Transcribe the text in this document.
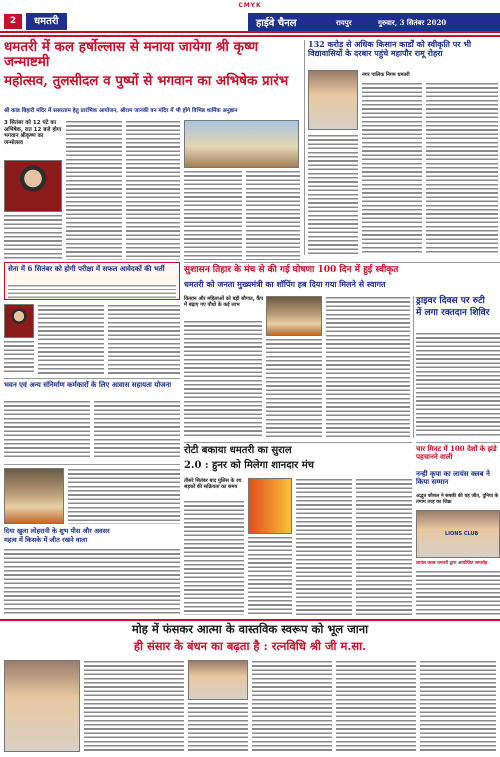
CMYK
2	धमतरी	हाईवे चैनल	रायपुर	गुरुवार, 3 सितंबर 2020
धमतरी में कल हर्षोल्लास से मनाया जायेगा श्री कृष्ण जन्माष्टमी
महोत्सव, तुलसीदल व पुष्पों से भगवान का अभिषेक प्रारंभ
श्री कांड बिहारी मंदिर में ससरताम हेतु प्रारंभिक आयोजन, श्रीराम जानकी वन मंदिर में भी होंगे विभिन्न धार्मिक अनुष्ठान
3 सितंबर को 12 घंटे का अभिषेक, रात 12 बजे होगा भगवान श्रीकृष्ण का जन्मोत्सव
132 करोड़ से अधिक किसान कार्डों को स्वीकृति पर भी विद्यावासियों के दरबार पहुंचे महापौर रामू रोहरा
नगर पालिक निगम धमतरी
सेना में 6 सितंबर को होगी परीक्षा में सफल आवेदकों की भर्ती
भवन एवं अन्य संनिर्माण कर्मकारों के लिए आवास सहायता योजना
सुशासन तिहार के मंच से की गई घोषणा 100 दिन में हुई स्वीकृत
धमतरी को जनता मुख्यमंत्री का शॉपिंग हब दिया गया मिलने से स्वागत
किसान और महिलाओं को बड़ी सौगात, कैंप में बढ़ाए गए पौधों के कई लाभ	ड्राइवर दिवस पर रुटी
में लगा रक्तदान शिविर
रोटी बकाया धमतरी का सुराल
2.0 : हुनर को मिलेगा शानदार मंच
तीसरे सितंबर बाद पुलिस के रथ सड़कों की सक्रियता का समय
चार मिनट में 100 देशों के झंडे पहचानने वाली
नन्ही कृपा का लायंस क्लब ने किया सम्मान
अद्भुत कौशल ने सबकी की यह जीत, दुनिया के तमाम तरह का जिक्र
LIONS CLUB
लायंस क्लब धमतरी द्वारा आयोजित समारोह
दिया खुला लोहरानी के शुभ पीस और अवसर
महत्व में किसके में जीत रखने वाला
मोह में फंसकर आत्मा के वास्तविक स्वरूप को भूल जाना
ही संसार के बंधन का बढ़ता है : रत्नविधि श्री जी म.सा.
